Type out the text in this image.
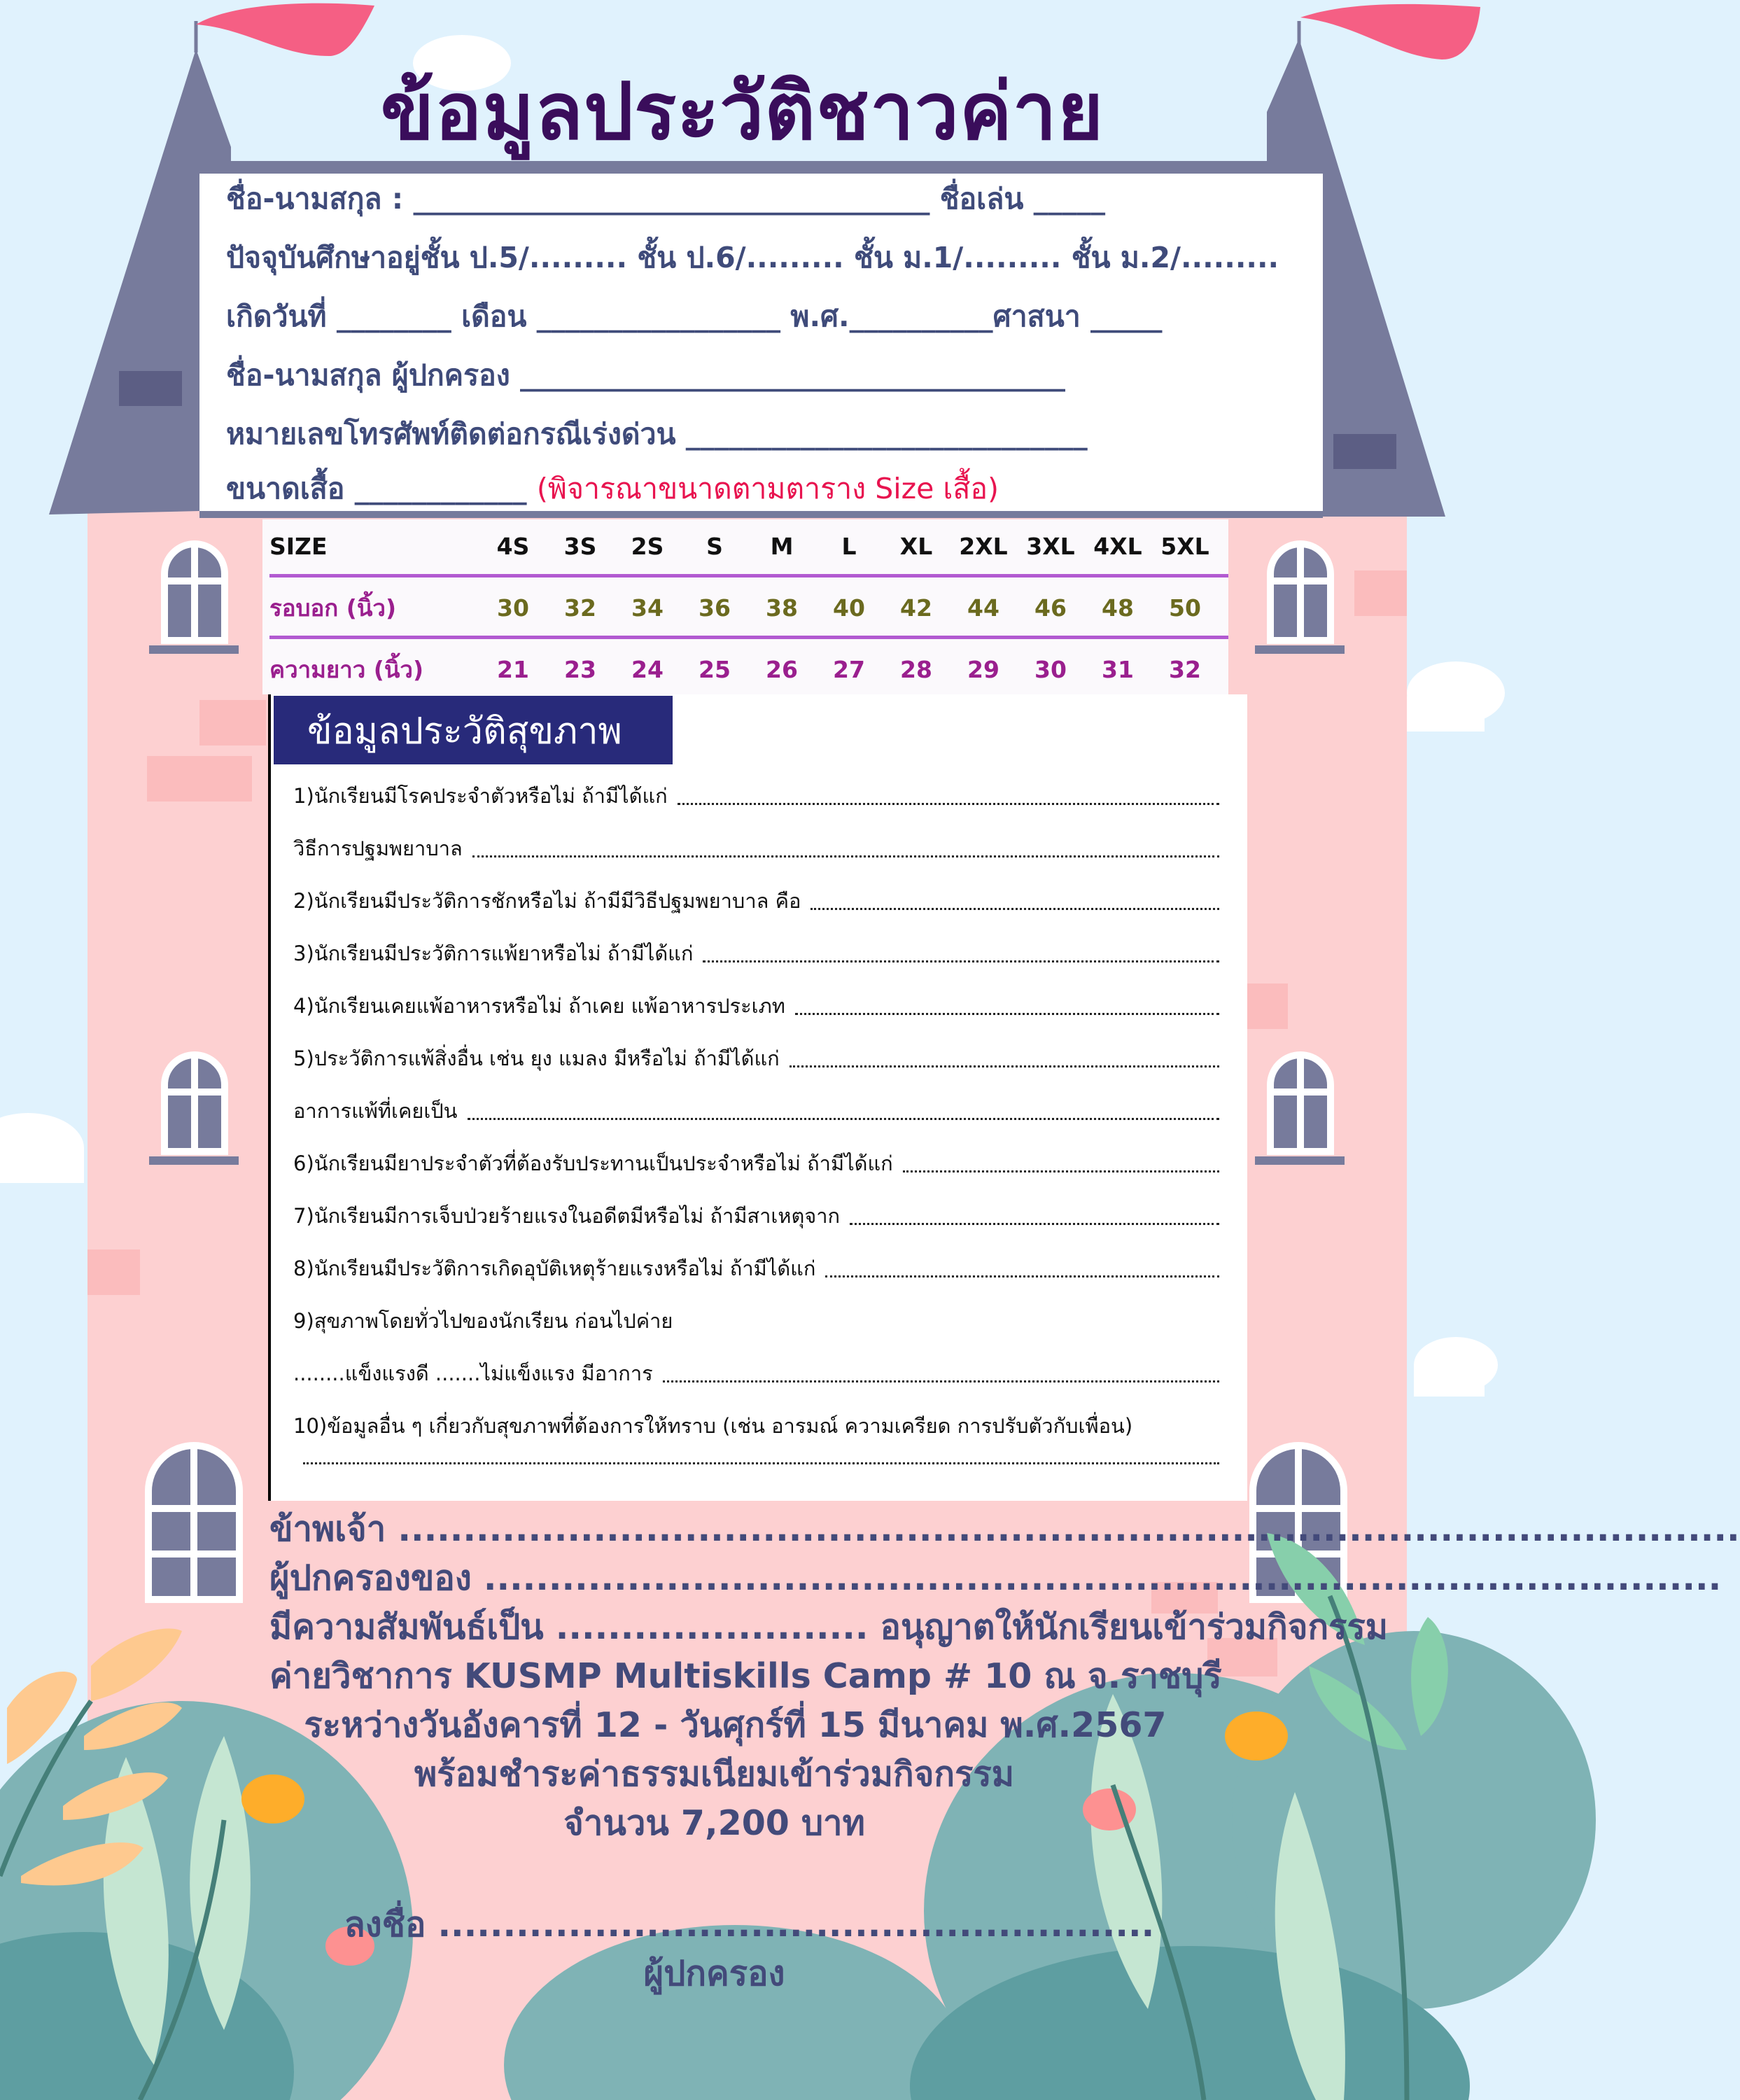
ข้อมูลประวัติชาวค่าย
ชื่อ-นามสกุล : ____________________________________ ชื่อเล่น _____
ปัจจุบันศึกษาอยู่ชั้น ป.5/......... ชั้น ป.6/......... ชั้น ม.1/......... ชั้น ม.2/.........
เกิดวันที่ ________ เดือน _________________ พ.ศ.__________ศาสนา _____
ชื่อ-นามสกุล ผู้ปกครอง ______________________________________
หมายเลขโทรศัพท์ติดต่อกรณีเร่งด่วน ____________________________
ขนาดเสื้อ ____________ (พิจารณาขนาดตามตาราง Size เสื้อ)
SIZE	4S	3S	2S	S	M	L	XL	2XL 3XL 4XL 5XL
รอบอก (นิ้ว)	30	32	34	36	38	40	42	44	46	48	50
ความยาว (นิ้ว)	21	23	24	25	26	27	28	29	30	31	32
ข้อมูลประวัติสุขภาพ
1)นักเรียนมีโรคประจำตัวหรือไม่ ถ้ามีได้แก่
วิธีการปฐมพยาบาล
2)นักเรียนมีประวัติการชักหรือไม่ ถ้ามีมีวิธีปฐมพยาบาล คือ
3)นักเรียนมีประวัติการแพ้ยาหรือไม่ ถ้ามีได้แก่
4)นักเรียนเคยแพ้อาหารหรือไม่ ถ้าเคย แพ้อาหารประเภท
5)ประวัติการแพ้สิ่งอื่น เช่น ยุง แมลง มีหรือไม่ ถ้ามีได้แก่
อาการแพ้ที่เคยเป็น
6)นักเรียนมียาประจำตัวที่ต้องรับประทานเป็นประจำหรือไม่ ถ้ามีได้แก่
7)นักเรียนมีการเจ็บป่วยร้ายแรงในอดีตมีหรือไม่ ถ้ามีสาเหตุจาก
8)นักเรียนมีประวัติการเกิดอุบัติเหตุร้ายแรงหรือไม่ ถ้ามีได้แก่
9)สุขภาพโดยทั่วไปของนักเรียน ก่อนไปค่าย
........แข็งแรงดี .......ไม่แข็งแรง มีอาการ
10)ข้อมูลอื่น ๆ เกี่ยวกับสุขภาพที่ต้องการให้ทราบ (เช่น อารมณ์ ความเครียด การปรับตัวกับเพื่อน)
ข้าพเจ้า .......................................................................................................
ผู้ปกครองของ ...............................................................................................
มีความสัมพันธ์เป็น ........................ อนุญาตให้นักเรียนเข้าร่วมกิจกรรม
ค่ายวิชาการ KUSMP Multiskills Camp # 10 ณ จ.ราชบุรี
ระหว่างวันอังคารที่ 12 - วันศุกร์ที่ 15 มีนาคม พ.ศ.2567
พร้อมชำระค่าธรรมเนียมเข้าร่วมกิจกรรม
จำนวน 7,200 บาท
ลงชื่อ .......................................................
ผู้ปกครอง
